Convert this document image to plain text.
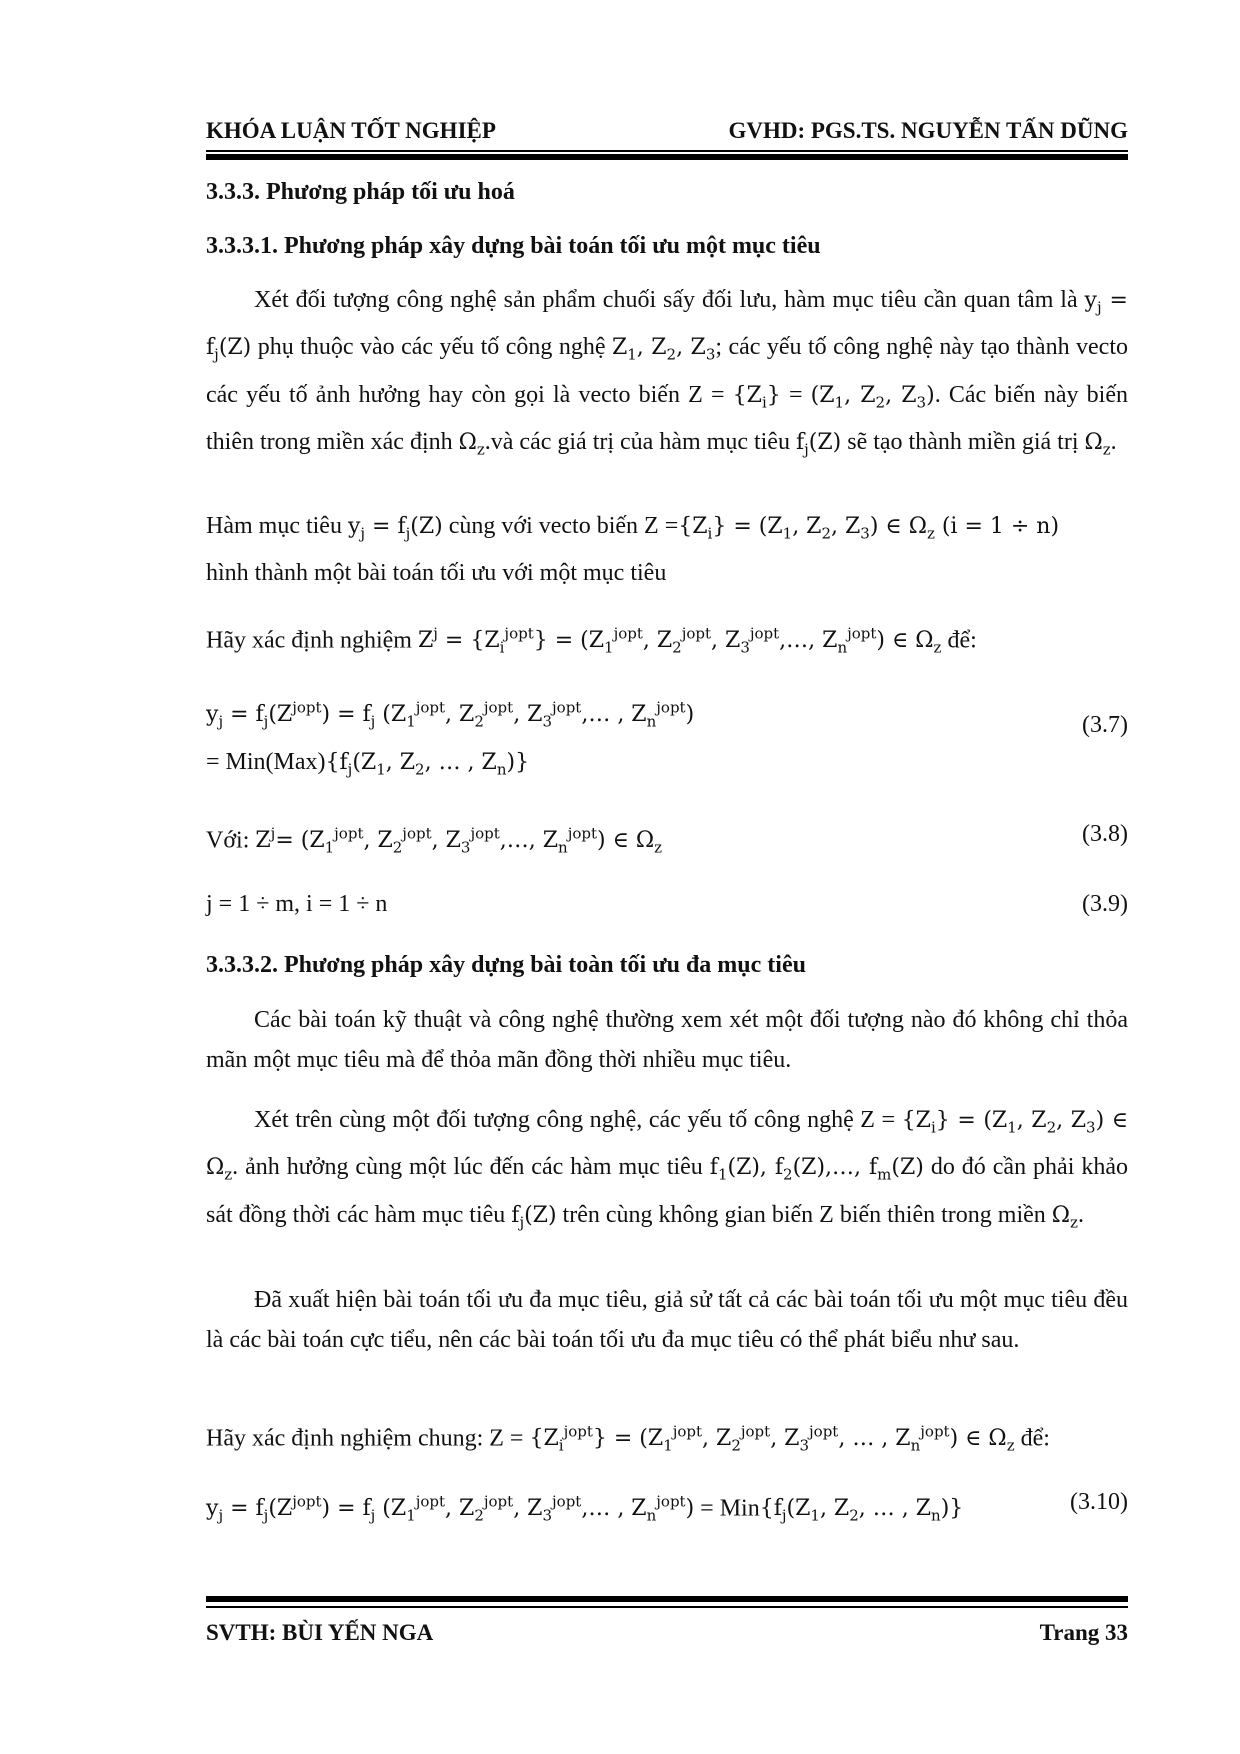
KHÓA LUẬN TỐT NGHIỆP	GVHD: PGS.TS. NGUYỄN TẤN DŨNG
3.3.3. Phương pháp tối ưu hoá
3.3.3.1. Phương pháp xây dựng bài toán tối ưu một mục tiêu

Xét đối tượng công nghệ sản phẩm chuối sấy đối lưu, hàm mục tiêu cần quan tâm là $y_j = f_j(Z)$ phụ thuộc vào các yếu tố công nghệ $Z_1$, $Z_2$, $Z_3$; các yếu tố công nghệ này tạo thành vecto các yếu tố ảnh hưởng hay còn gọi là vecto biến $Z = \{Z_i\} = (Z_1$, $Z_2$, $Z_3$). Các biến này biến thiên trong miền xác định $\Omega_z.và$ các giá trị của hàm mục tiêu $f_j(Z)$ sẽ tạo thành miền giá trị $\Omega_z$.

Hàm mục tiêu $y_j = f_j(Z)$ cùng với vecto biến $Z =\{Z_i\} = (Z_1$, $Z_2$, $Z_3$) ∈ $\Omega_z$ (i = 1 ÷ n)

hình thành một bài toán tối ưu với một mục tiêu

Hãy xác định nghiệm $Z^j = \{Z_i^{jopt}\} = (Z_1^{jopt}$, $Z_2^{jopt}$, $Z_3^{jopt},\dots$, $Z_n^{jopt}$) ∈ $\Omega_z$ để:

$y_j = f_j(Z^{jopt}) = f_j$ ($Z_1^{jopt}$, $Z_2^{jopt}$, $Z_3^{jopt},\dots$ , $Z_n^{jopt}$)
= $Min(Max)\{f_j(Z_1$, $Z_2$, … , $Z_n$)}
(3.7)
Với: $Z^j= (Z_1^{jopt}$, $Z_2^{jopt}$, $Z_3^{jopt},\dots$, $Z_n^{jopt}$) ∈ $\Omega_z$
(3.8)
j = 1 ÷ m, i = 1 ÷ n	(3.9)
3.3.3.2. Phương pháp xây dựng bài toàn tối ưu đa mục tiêu

Các bài toán kỹ thuật và công nghệ thường xem xét một đối tượng nào đó không chỉ thỏa mãn một mục tiêu mà để thỏa mãn đồng thời nhiều mục tiêu.

Xét trên cùng một đối tượng công nghệ, các yếu tố công nghệ $Z = \{Z_i\} = (Z_1$, $Z_2$, $Z_3$) ∈ $\Omega_z$. ảnh hưởng cùng một lúc đến các hàm mục tiêu $f_1(Z)$, $f_2(Z),\dots$, $f_m(Z)$ do đó cần phải khảo sát đồng thời các hàm mục tiêu $f_j(Z)$ trên cùng không gian biến Z biến thiên trong miền $\Omega_z$.

Đã xuất hiện bài toán tối ưu đa mục tiêu, giả sử tất cả các bài toán tối ưu một mục tiêu đều là các bài toán cực tiểu, nên các bài toán tối ưu đa mục tiêu có thể phát biểu như sau.

Hãy xác định nghiệm chung: $Z = \{Z_i^{jopt}\} = (Z_1^{jopt}$, $Z_2^{jopt}$, $Z_3^{jopt}$, … , $Z_n^{jopt}$) ∈ $\Omega_z$ để:

$y_j = f_j(Z^{jopt}) = f_j$ ($Z_1^{jopt}$, $Z_2^{jopt}$, $Z_3^{jopt},\dots$ , $Z_n^{jopt}) = Min\{f_j(Z_1$, $Z_2$, … , $Z_n$)}	(3.10)
SVTH: BÙI YẾN NGA	Trang 33
